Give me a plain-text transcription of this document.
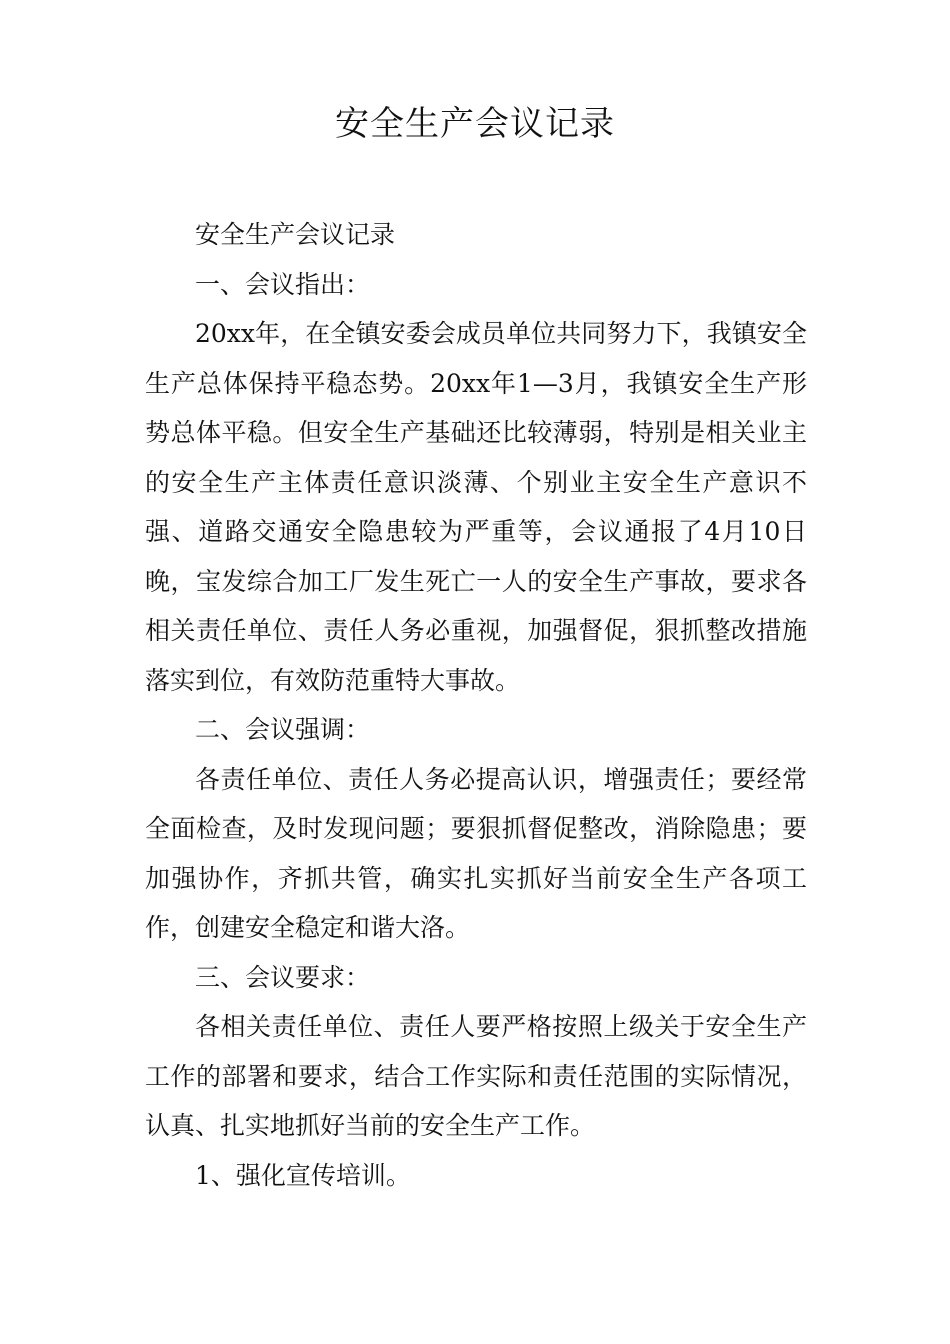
安全生产会议记录

安全生产会议记录

一、会议指出：

20xx年，在全镇安委会成员单位共同努力下，我镇安全生产总体保持平稳态势。20xx年1—3月，我镇安全生产形势总体平稳。但安全生产基础还比较薄弱，特别是相关业主的安全生产主体责任意识淡薄、个别业主安全生产意识不强、道路交通安全隐患较为严重等，会议通报了4月10日晚，宝发综合加工厂发生死亡一人的安全生产事故，要求各相关责任单位、责任人务必重视，加强督促，狠抓整改措施落实到位，有效防范重特大事故。

二、会议强调：

各责任单位、责任人务必提高认识，增强责任；要经常全面检查，及时发现问题；要狠抓督促整改，消除隐患；要加强协作，齐抓共管，确实扎实抓好当前安全生产各项工作，创建安全稳定和谐大洛。

三、会议要求：

各相关责任单位、责任人要严格按照上级关于安全生产工作的部署和要求，结合工作实际和责任范围的实际情况，认真、扎实地抓好当前的安全生产工作。

1、强化宣传培训。
